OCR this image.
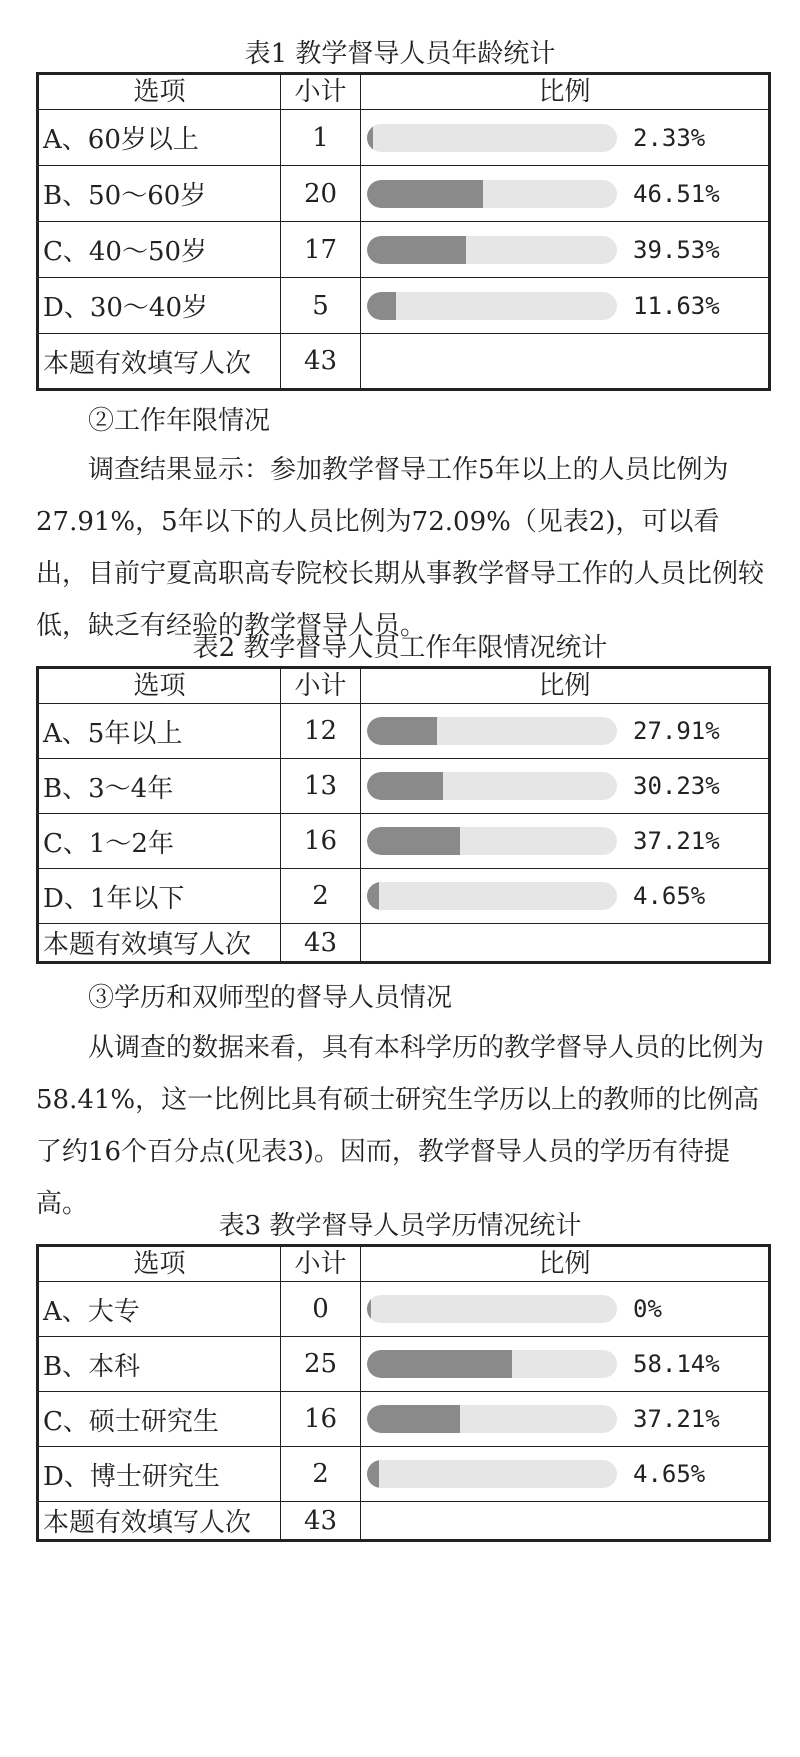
表1 教学督导人员年龄统计
选项	小计	比例
A、60岁以上	1	2.33%

B、50～60岁	20	46.51%

C、40～50岁	17	39.53%

D、30～40岁	5	11.63%

本题有效填写人次	43	
②工作年限情况

调查结果显示：参加教学督导工作5年以上的人员比例为27.91%，5年以下的人员比例为72.09%（见表2)，可以看出，目前宁夏高职高专院校长期从事教学督导工作的人员比例较低，缺乏有经验的教学督导人员。

表2 教学督导人员工作年限情况统计
选项	小计	比例
A、5年以上	12	27.91%

B、3～4年	13	30.23%

C、1～2年	16	37.21%

D、1年以下	2	4.65%

本题有效填写人次	43	
③学历和双师型的督导人员情况

从调查的数据来看，具有本科学历的教学督导人员的比例为58.41%，这一比例比具有硕士研究生学历以上的教师的比例高了约16个百分点(见表3)。因而，教学督导人员的学历有待提高。

表3 教学督导人员学历情况统计
选项	小计	比例
A、大专	0	0%

B、本科	25	58.14%

C、硕士研究生	16	37.21%

D、博士研究生	2	4.65%

本题有效填写人次	43	
